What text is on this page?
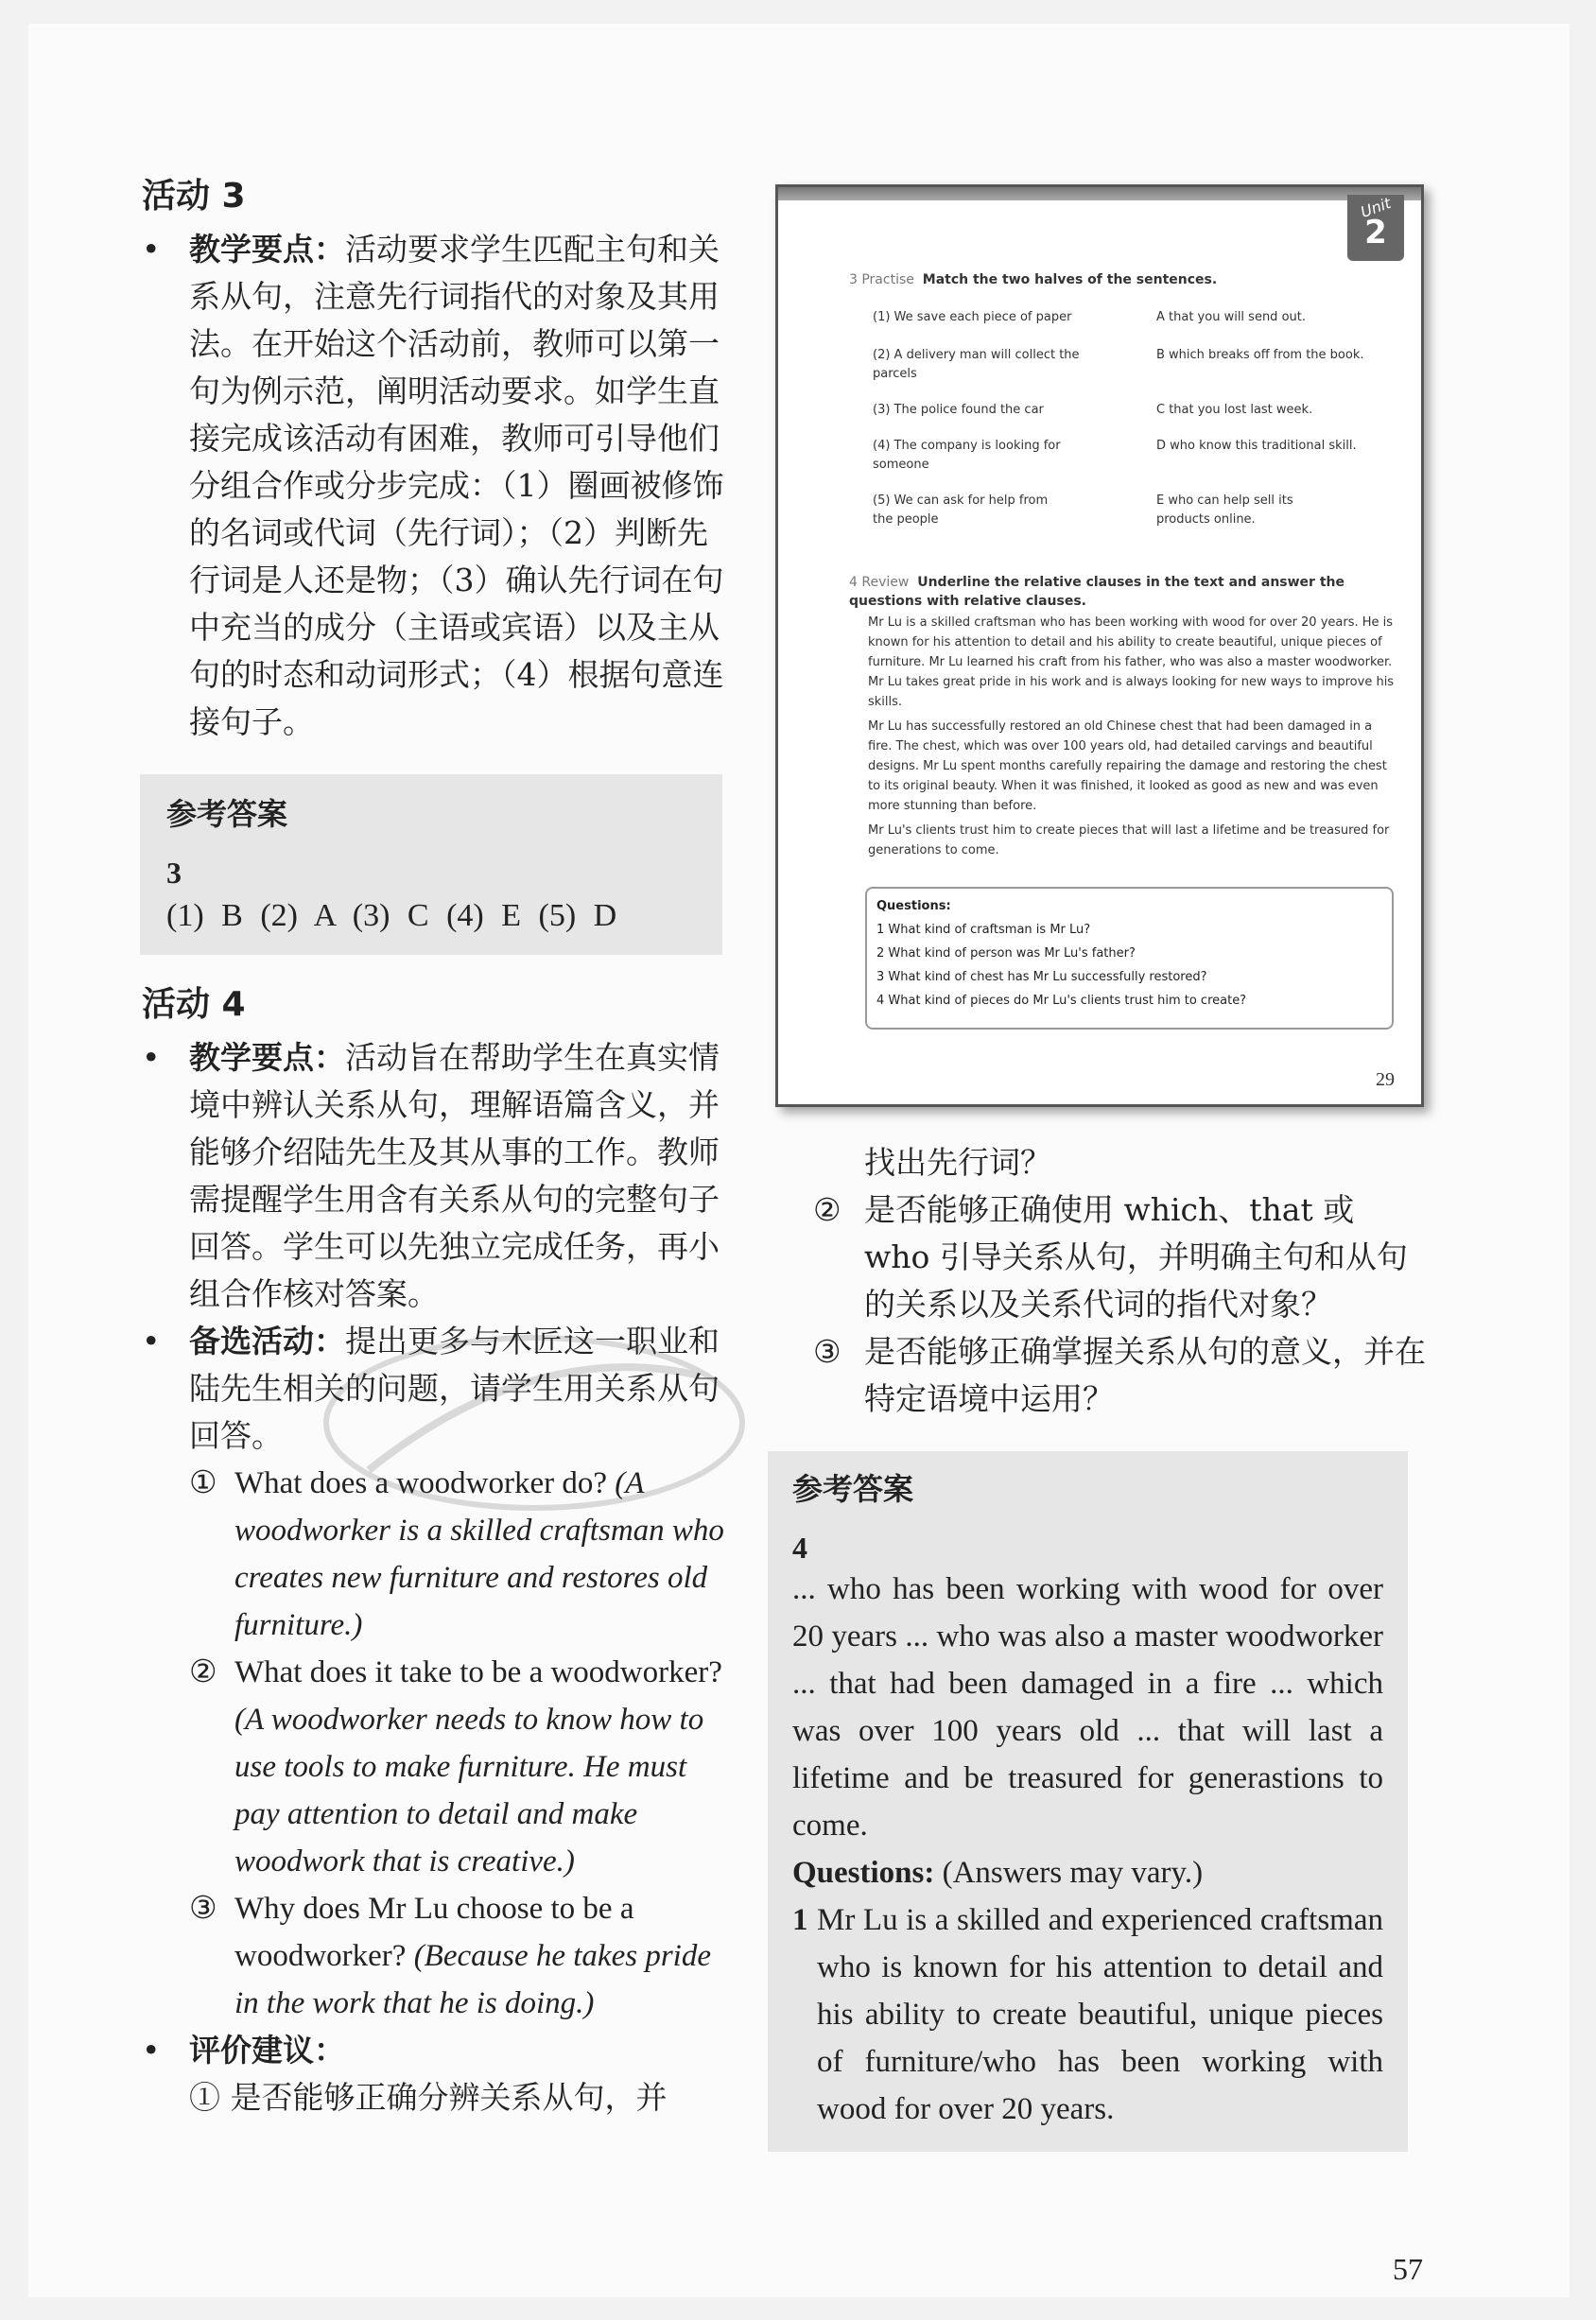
活动 3

• 教学要点：活动要求学生匹配主句和关系从句，注意先行词指代的对象及其用法。在开始这个活动前，教师可以第一句为例示范，阐明活动要求。如学生直接完成该活动有困难，教师可引导他们分组合作或分步完成：（1）圈画被修饰的名词或代词（先行词）；（2）判断先行词是人还是物；（3）确认先行词在句中充当的成分（主语或宾语）以及主从句的时态和动词形式；（4）根据句意连接句子。

参考答案
3
(1) B (2) A (3) C (4) E (5) D
活动 4

• 教学要点：活动旨在帮助学生在真实情境中辨认关系从句，理解语篇含义，并能够介绍陆先生及其从事的工作。教师需提醒学生用含有关系从句的完整句子回答。学生可以先独立完成任务，再小组合作核对答案。

• 备选活动：提出更多与木匠这一职业和陆先生相关的问题，请学生用关系从句回答。

① What does a woodworker do? (A woodworker is a skilled craftsman who creates new furniture and restores old furniture.)
② What does it take to be a woodworker? (A woodworker needs to know how to use tools to make furniture. He must pay attention to detail and make woodwork that is creative.)
③ Why does Mr Lu choose to be a woodworker? (Because he takes pride in the work that he is doing.)

• 评价建议：

① 是否能够正确分辨关系从句，并

Unit
2
3 Practise Match the two halves of the sentences.
(1) We save each piece of paper	A that you will send out.
(2) A delivery man will collect the parcels
B which breaks off from the book.
(3) The police found the car	C that you lost last week.
(4) The company is looking for someone
D who know this traditional skill.
(5) We can ask for help from the people
E who can help sell its products online.
4 Review Underline the relative clauses in the text and answer the questions with relative clauses.

Mr Lu is a skilled craftsman who has been working with wood for over 20 years. He is known for his attention to detail and his ability to create beautiful, unique pieces of furniture. Mr Lu learned his craft from his father, who was also a master woodworker. Mr Lu takes great pride in his work and is always looking for new ways to improve his skills.

Mr Lu has successfully restored an old Chinese chest that had been damaged in a fire. The chest, which was over 100 years old, had detailed carvings and beautiful designs. Mr Lu spent months carefully repairing the damage and restoring the chest to its original beauty. When it was finished, it looked as good as new and was even more stunning than before.

Mr Lu's clients trust him to create pieces that will last a lifetime and be treasured for generations to come.

Questions:
1 What kind of craftsman is Mr Lu?
2 What kind of person was Mr Lu's father?
3 What kind of chest has Mr Lu successfully restored?
4 What kind of pieces do Mr Lu's clients trust him to create?
29
找出先行词？
② 是否能够正确使用 which、that 或 who 引导关系从句，并明确主句和从句的关系以及关系代词的指代对象？
③ 是否能够正确掌握关系从句的意义，并在特定语境中运用？
参考答案
4
... who has been working with wood for over 20 years ... who was also a master woodworker ... that had been damaged in a fire ... which was over 100 years old ... that will last a lifetime and be treasured for generastions to come.
Questions: (Answers may vary.)
1 Mr Lu is a skilled and experienced craftsman who is known for his attention to detail and his ability to create beautiful, unique pieces of furniture/who has been working with wood for over 20 years.
57
